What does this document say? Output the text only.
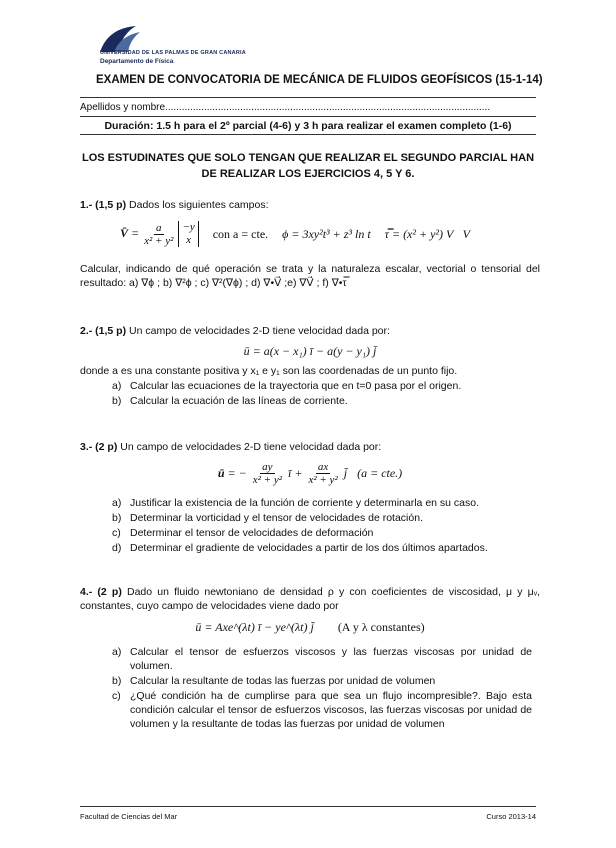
UNIVERSIDAD DE LAS PALMAS DE GRAN CANARIA
Departamento de Física
EXAMEN DE CONVOCATORIA DE MECÁNICA DE FLUIDOS GEOFÍSICOS (15-1-14)
Apellidos y nombre.....................................................................................................................
Duración: 1.5 h para el 2º parcial (4-6) y 3 h para realizar el examen completo (1-6)
LOS ESTUDINATES QUE SOLO TENGAN QUE REALIZAR EL SEGUNDO PARCIAL HAN DE REALIZAR LOS EJERCICIOS 4, 5 Y 6.
1.- (1,5 p) Dados los siguientes campos:
V̄ = $\frac{a}{\text{x² + y²}}$
−y
x con a = cte. ϕ = 3xy²t³ + z³ ln t τ̿ = (x² + y²) V⃗V⃗
Calcular, indicando de qué operación se trata y la naturaleza escalar, vectorial o tensorial del resultado: a) ∇ϕ ; b) ∇²ϕ ; c) ∇²(∇ϕ) ; d) ∇•V⃗ ;e) ∇V⃗ ; f) ∇•τ̿
2.- (1,5 p) Un campo de velocidades 2-D tiene velocidad dada por:
ū = a(x − x₁) ī − a(y − y₁) j̄
donde a es una constante positiva y x₁ e y₁ son las coordenadas de un punto fijo.
a) Calcular las ecuaciones de la trayectoria que en t=0 pasa por el origen.
b) Calcular la ecuación de las líneas de corriente.
3.- (2 p) Un campo de velocidades 2-D tiene velocidad dada por:
ū = − $\frac{ay}{\text{x² + y²}}$ ī + $\frac{ax}{\text{x² + y²}}$ j̄ (a = cte.)
a) Justificar la existencia de la función de corriente y determinarla en su caso.
b) Determinar la vorticidad y el tensor de velocidades de rotación.
c) Determinar el tensor de velocidades de deformación
d) Determinar el gradiente de velocidades a partir de los dos últimos apartados.
4.- (2 p) Dado un fluido newtoniano de densidad ρ y con coeficientes de viscosidad, μ y μᵥ, constantes, cuyo campo de velocidades viene dado por
ū = Axe^(λt) ī − ye^(λt) j̄ (A y λ constantes)
a) Calcular el tensor de esfuerzos viscosos y las fuerzas viscosas por unidad de volumen.
b) Calcular la resultante de todas las fuerzas por unidad de volumen
c) ¿Qué condición ha de cumplirse para que sea un flujo incompresible?. Bajo esta condición calcular el tensor de esfuerzos viscosos, las fuerzas viscosas por unidad de volumen y la resultante de todas las fuerzas por unidad de volumen
Facultad de Ciencias del Mar	Curso 2013-14
